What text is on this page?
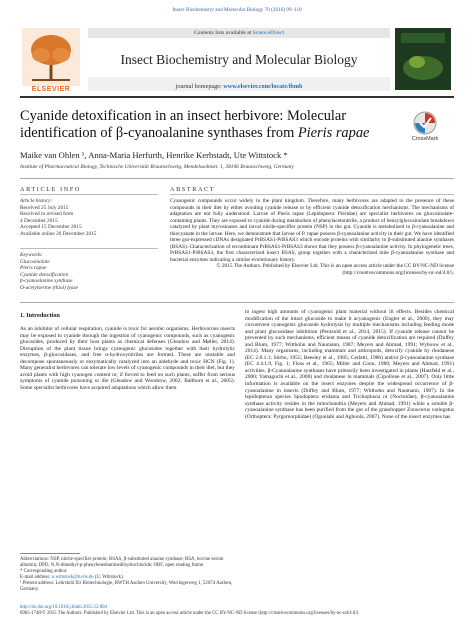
Insect Biochemistry and Molecular Biology 70 (2016) 99–110
ELSEVIER
Contents lists available at ScienceDirect
Insect Biochemistry and Molecular Biology
journal homepage: www.elsevier.com/locate/ibmb
Cyanide detoxification in an insect herbivore: Molecular identification of β-cyanoalanine synthases from Pieris rapae	CrossMark
Maike van Ohlen ¹, Anna-Maria Herfurth, Henrike Kerbstadt, Ute Wittstock *
Institute of Pharmaceutical Biology, Technische Universität Braunschweig, Mendelssohnstr. 1, 38106 Braunschweig, Germany
ARTICLE INFO	ABSTRACT
Article history:
Received 25 July 2015
Received in revised form
4 December 2015
Accepted 15 December 2015
Available online 20 December 2015
Keywords:
Glucosinolate
Pieris rapae
Cyanide detoxification
β-cyanoalanine synthase
O-acetylserine (thiol) lyase
Cyanogenic compounds occur widely in the plant kingdom. Therefore, many herbivores are adapted to the presence of these compounds in their diet by either avoiding cyanide release or by efficient cyanide detoxification mechanisms. The mechanisms of adaptation are not fully understood. Larvae of Pieris rapae (Lepidoptera: Pieridae) are specialist herbivores on glucosinolate-containing plants. They are exposed to cyanide during metabolism of phenylacetonitrile, a product of benzylglucosinolate breakdown catalyzed by plant myrosinases and larval nitrile-specifier protein (NSP) in the gut. Cyanide is metabolized to β-cyanoalanine and thiocyanate in the larvae. Here, we demonstrate that larvae of P. rapae possess β-cyanoalanine activity in their gut. We have identified three gut-expressed cDNAs designated PrBSAS1-PrBSAS3 which encode proteins with similarity to β-substituted alanine synthases (BSAS). Characterization of recombinant PrBSAS1-PrBSAS3 shows that they possess β-cyanoalanine activity. In phylogenetic trees, PrBSAS1-PrBSAS3, the first characterized insect BSAS, group together with a characterized mite β-cyanoalanine synthase and bacterial enzymes indicating a similar evolutionary history.
© 2015 The Authors. Published by Elsevier Ltd. This is an open access article under the CC BY-NC-ND license (http://creativecommons.org/licenses/by-nc-nd/4.0/).
1. Introduction
As an inhibitor of cellular respiration, cyanide is toxic for aerobic organisms. Herbivorous insects may be exposed to cyanide through the ingestion of cyanogenic compounds, such as cyanogenic glucosides, produced by their host plants as chemical defenses (Gleadow and Møller, 2014). Disruption of the plant tissue brings cyanogenic glucosides together with their hydrolytic enzymes, β-glucosidases, and free α-hydroxynitriles are formed. These are unstable and decompose spontaneously or enzymatically catalyzed into an aldehyde and toxic HCN (Fig. 1). Many generalist herbivores can tolerate low levels of cyanogenic compounds in their diet, but they avoid plants with high cyanogen content or, if forced to feed on such plants, suffer from serious symptoms of cyanide poisoning or die (Gleadow and Woodrow, 2002; Ballhorn et al., 2005). Some specialist herbivores have acquired adaptations which allow them
to ingest high amounts of cyanogenic plant material without ill effects. Besides chemical modification of the intact glucoside to make it acyanogenic (Engler et al., 2000), they may circumvent cyanogenic glucoside hydrolysis by multiple mechanisms including feeding mode and plant glucosidase inhibition (Pentzold et al., 2014, 2015). If cyanide release cannot be prevented by such mechanisms, efficient means of cyanide detoxification are required (Duffey and Blum, 1977; Witthohn and Naumann, 1987; Meyers and Ahmad, 1991; Wybouw et al., 2014). Many organisms, including mammals and arthropods, detoxify cyanide by rhodanese (EC 2.8.1.1; Sörbo, 1955; Beesley et al., 1985; Cerletti, 1986) and/or β-cyanoalanine synthase (EC 4.4.1.9, Fig. 1; Floss et al., 1965; Miller and Conn, 1980; Meyers and Ahmad, 1991) activities. β-Cyanoalanine synthases have primarily been investigated in plants (Hatzfeld et al., 2000; Yamaguchi et al., 2000) and rhodanese in mammals (Cipollone et al., 2007). Only little information is available on the insect enzymes despite the widespread occurrence of β-cyanoalanine in insects (Duffey and Blum, 1977; Witthohn and Naumann, 1987). In the lepidopteran species Spodoptera eridania and Trichoplusia ni (Noctuidae), β-cyanoalanine synthase activity resides in the mitochondria (Meyers and Ahmad, 1991) while a soluble β-cyanoalanine synthase has been purified from the gut of the grasshopper Zonocerus variegatus (Orthoptera: Pyrgomorphidae) (Ogunlabi and Agboola, 2007). None of the insect enzymes has
Abbreviations: NSP, nitrile-specifier protein; BSAS, β-substituted alanine synthase; BSA, bovine serum albumin; DPD, N,N-dimethyl-p-phenylenediaminedihydrochloride; ORF, open reading frame.
* Corresponding author.
E-mail address: u.wittstock@tu-bs.de (U. Wittstock).
¹ Present address: Lehrstuhl für Biotechnologie, RWTH Aachen University, Worringerweg 1, 52074 Aachen, Germany.
http://dx.doi.org/10.1016/j.ibmb.2015.12.004
0965-1748/© 2015 The Authors. Published by Elsevier Ltd. This is an open access article under the CC BY-NC-ND license (http://creativecommons.org/licenses/by-nc-nd/4.0/).
